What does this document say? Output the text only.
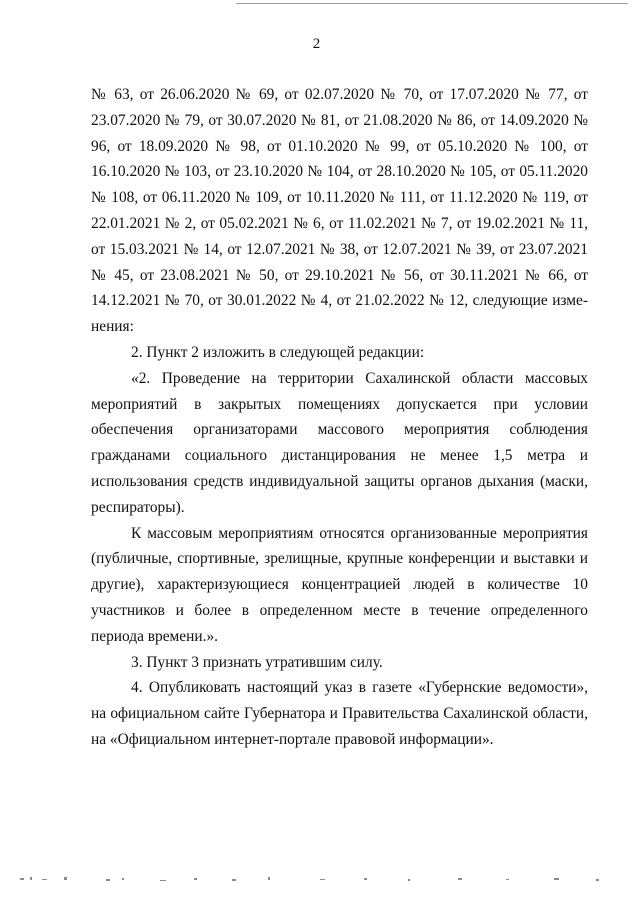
2

№ 63, от 26.06.2020 № 69, от 02.07.2020 № 70, от 17.07.2020 № 77, от 23.07.2020 № 79, от 30.07.2020 № 81, от 21.08.2020 № 86, от 14.09.2020 № 96, от 18.09.2020 № 98, от 01.10.2020 № 99, от 05.10.2020 № 100, от 16.10.2020 № 103, от 23.10.2020 № 104, от 28.10.2020 № 105, от 05.11.2020 № 108, от 06.11.2020 № 109, от 10.11.2020 № 111, от 11.12.2020 № 119, от 22.01.2021 № 2, от 05.02.2021 № 6, от 11.02.2021 № 7, от 19.02.2021 № 11, от 15.03.2021 № 14, от 12.07.2021 № 38, от 12.07.2021 № 39, от 23.07.2021 № 45, от 23.08.2021 № 50, от 29.10.2021 № 56, от 30.11.2021 № 66, от 14.12.2021 № 70, от 30.01.2022 № 4, от 21.02.2022 № 12, следующие изме-нения:

2. Пункт 2 изложить в следующей редакции:

«2. Проведение на территории Сахалинской области массовых мероприятий в закрытых помещениях допускается при условии обеспечения организаторами массового мероприятия соблюдения гражданами социального дистанцирования не менее 1,5 метра и использования средств индивидуальной защиты органов дыхания (маски, респираторы).

К массовым мероприятиям относятся организованные мероприятия (публичные, спортивные, зрелищные, крупные конференции и выставки и другие), характеризующиеся концентрацией людей в количестве 10 участников и более в определенном месте в течение определенного периода времени.».

3. Пункт 3 признать утратившим силу.

4. Опубликовать настоящий указ в газете «Губернские ведомости», на официальном сайте Губернатора и Правительства Сахалинской области, на «Официальном интернет-портале правовой информации».
